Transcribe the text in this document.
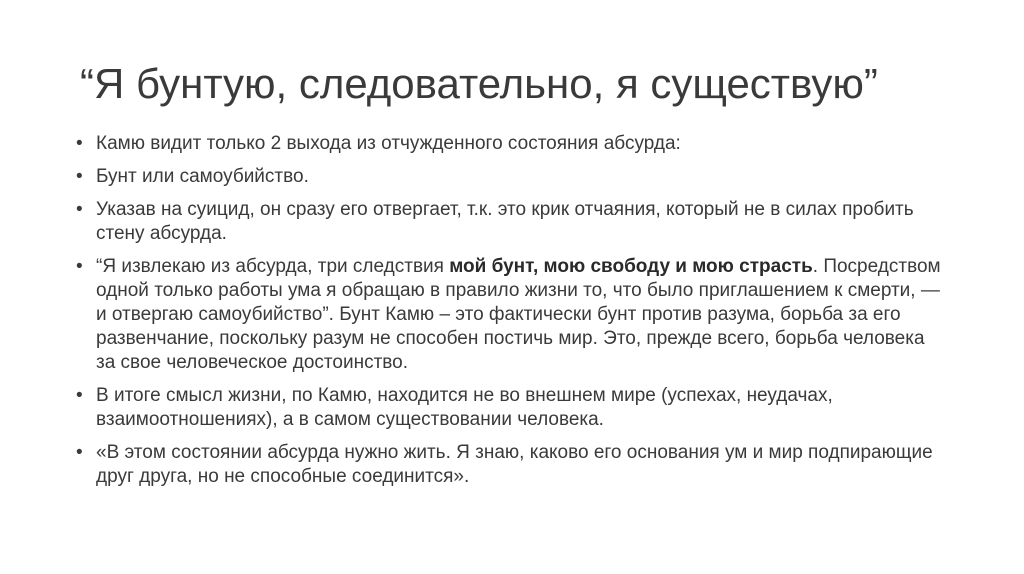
“Я бунтую, следовательно, я существую”
• Камю видит только 2 выхода из отчужденного состояния абсурда:
• Бунт или самоубийство.
• Указав на суицид, он сразу его отвергает, т.к. это крик отчаяния, который не в силах пробить стену абсурда.
• “Я извлекаю из абсурда, три следствия мой бунт, мою свободу и мою страсть. Посредством одной только работы ума я обращаю в правило жизни то, что было приглашением к смерти, — и отвергаю самоубийство”. Бунт Камю – это фактически бунт против разума, борьба за его развенчание, поскольку разум не способен постичь мир. Это, прежде всего, борьба человека за свое человеческое достоинство.
• В итоге смысл жизни, по Камю, находится не во внешнем мире (успехах, неудачах, взаимоотношениях), а в самом существовании человека.
• «В этом состоянии абсурда нужно жить. Я знаю, каково его основания ум и мир подпирающие друг друга, но не способные соединится».
